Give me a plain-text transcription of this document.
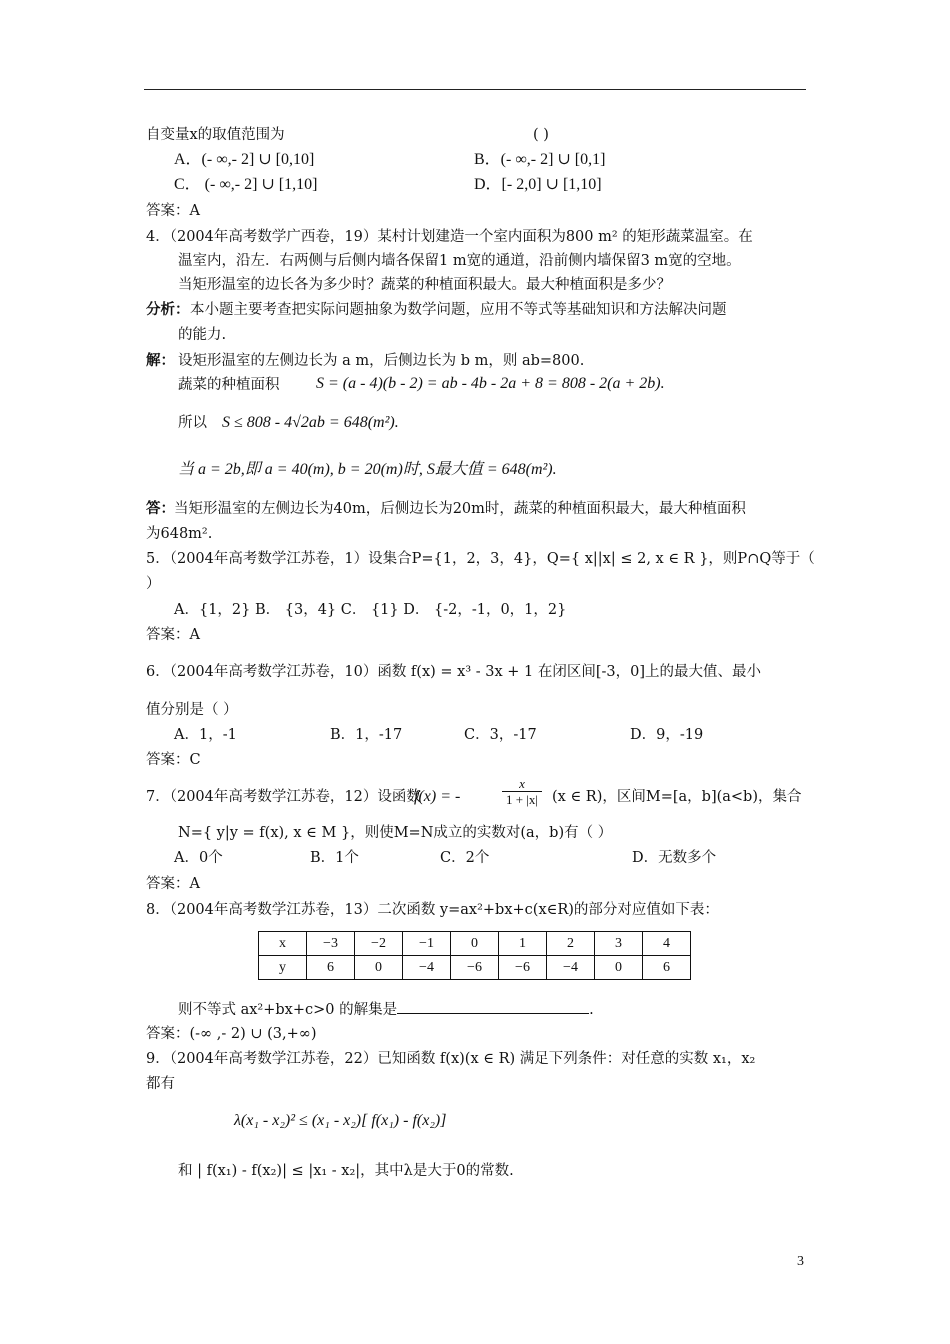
自变量x的取值范围为	( )
A．(- ∞,- 2] ∪ [0,10]	B．(- ∞,- 2] ∪ [0,1]
C． (- ∞,- 2] ∪ [1,10]	D．[- 2,0] ∪ [1,10]
答案：A
4．（2004年高考数学广西卷，19）某村计划建造一个室内面积为800 m² 的矩形蔬菜温室。在
温室内，沿左．右两侧与后侧内墙各保留1 m宽的通道，沿前侧内墙保留3 m宽的空地。
当矩形温室的边长各为多少时？蔬菜的种植面积最大。最大种植面积是多少？
分析： 本小题主要考查把实际问题抽象为数学问题，应用不等式等基础知识和方法解决问题
的能力.
解： 设矩形温室的左侧边长为 a m，后侧边长为 b m，则 ab=800.
蔬菜的种植面积 S = (a - 4)(b - 2) = ab - 4b - 2a + 8 = 808 - 2(a + 2b).
所以 S ≤ 808 - 4√2ab = 648(m²).
当 a = 2b,即 a = 40(m), b = 20(m)时, S最大值 = 648(m²).
答： 当矩形温室的左侧边长为40m，后侧边长为20m时，蔬菜的种植面积最大，最大种植面积
为648m².
5．（2004年高考数学江苏卷，1）设集合P={1，2，3，4}，Q={ x||x| ≤ 2, x ∈ R }，则P∩Q等于（
）
A．{1，2} B． {3，4} C． {1} D． {-2，-1，0，1，2}
答案：A
6．（2004年高考数学江苏卷，10）函数 f(x) = x³ - 3x + 1 在闭区间[-3，0]上的最大值、最小
值分别是（ ）
A．1，-1	B．1，-17	C．3，-17	D．9，-19
答案：C
7．（2004年高考数学江苏卷，12）设函数
f(x) = -	$\frac{x}{1 + |x|} (x$ ∈ R)，区间M=[a，b](a<b)，集合
N={ y|y = f(x), x ∈ M }，则使M=N成立的实数对(a，b)有（ ）
A．0个	B．1个	C．2个	D．无数多个
答案：A
8．（2004年高考数学江苏卷，13）二次函数 y=ax²+bx+c(x∈R)的部分对应值如下表：
x	−3	−2	−1	0	1	2	3	4
y	6	0	−4	−6	−6	−4	0	6
则不等式 ax²+bx+c>0 的解集是	.
答案：(-∞ ,- 2) ∪ (3,+∞)
9．（2004年高考数学江苏卷，22）已知函数 f(x)(x ∈ R) 满足下列条件：对任意的实数 x₁，x₂
都有
λ(x₁ - x₂)² ≤ (x₁ - x₂)[ f(x₁) - f(x₂)]
和 | f(x₁) - f(x₂)| ≤ |x₁ - x₂|，其中λ是大于0的常数.
3
